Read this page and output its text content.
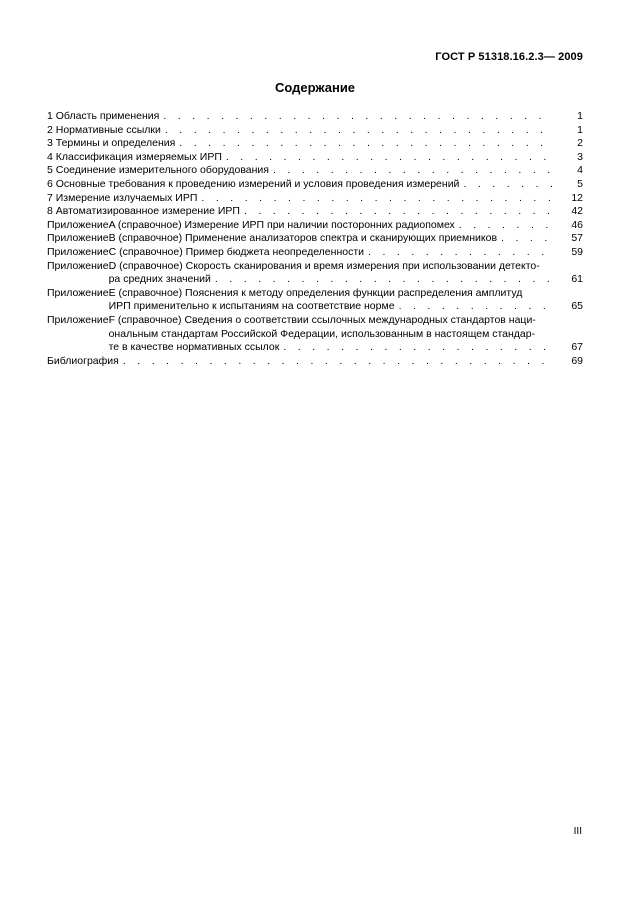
ГОСТ Р 51318.16.2.3— 2009
Содержание
1 Область применения . . .	1
2 Нормативные ссылки . . .	1
3 Термины и определения . . .	2
4 Классификация измеряемых ИРП . . .	3
5 Соединение измерительного оборудования . . .	4
6 Основные требования к проведению измерений и условия проведения измерений . . .	5
7 Измерение излучаемых ИРП . . .	12
8 Автоматизированное измерение ИРП . . .	42
Приложение A (справочное) Измерение ИРП при наличии посторонних радиопомех . . .	46
Приложение B (справочное) Применение анализаторов спектра и сканирующих приемников . . .	57
Приложение C (справочное) Пример бюджета неопределенности . . .	59
Приложение D (справочное) Скорость сканирования и время измерения при использовании детекто-
ра средних значений . . .	61
Приложение E (справочное) Пояснения к методу определения функции распределения амплитуд
ИРП применительно к испытаниям на соответствие норме . . .	65
Приложение F (справочное) Сведения о соответствии ссылочных международных стандартов наци-
ональным стандартам Российской Федерации, использованным в настоящем стандар-
те в качестве нормативных ссылок . . .	67
Библиография . . .	69
III
